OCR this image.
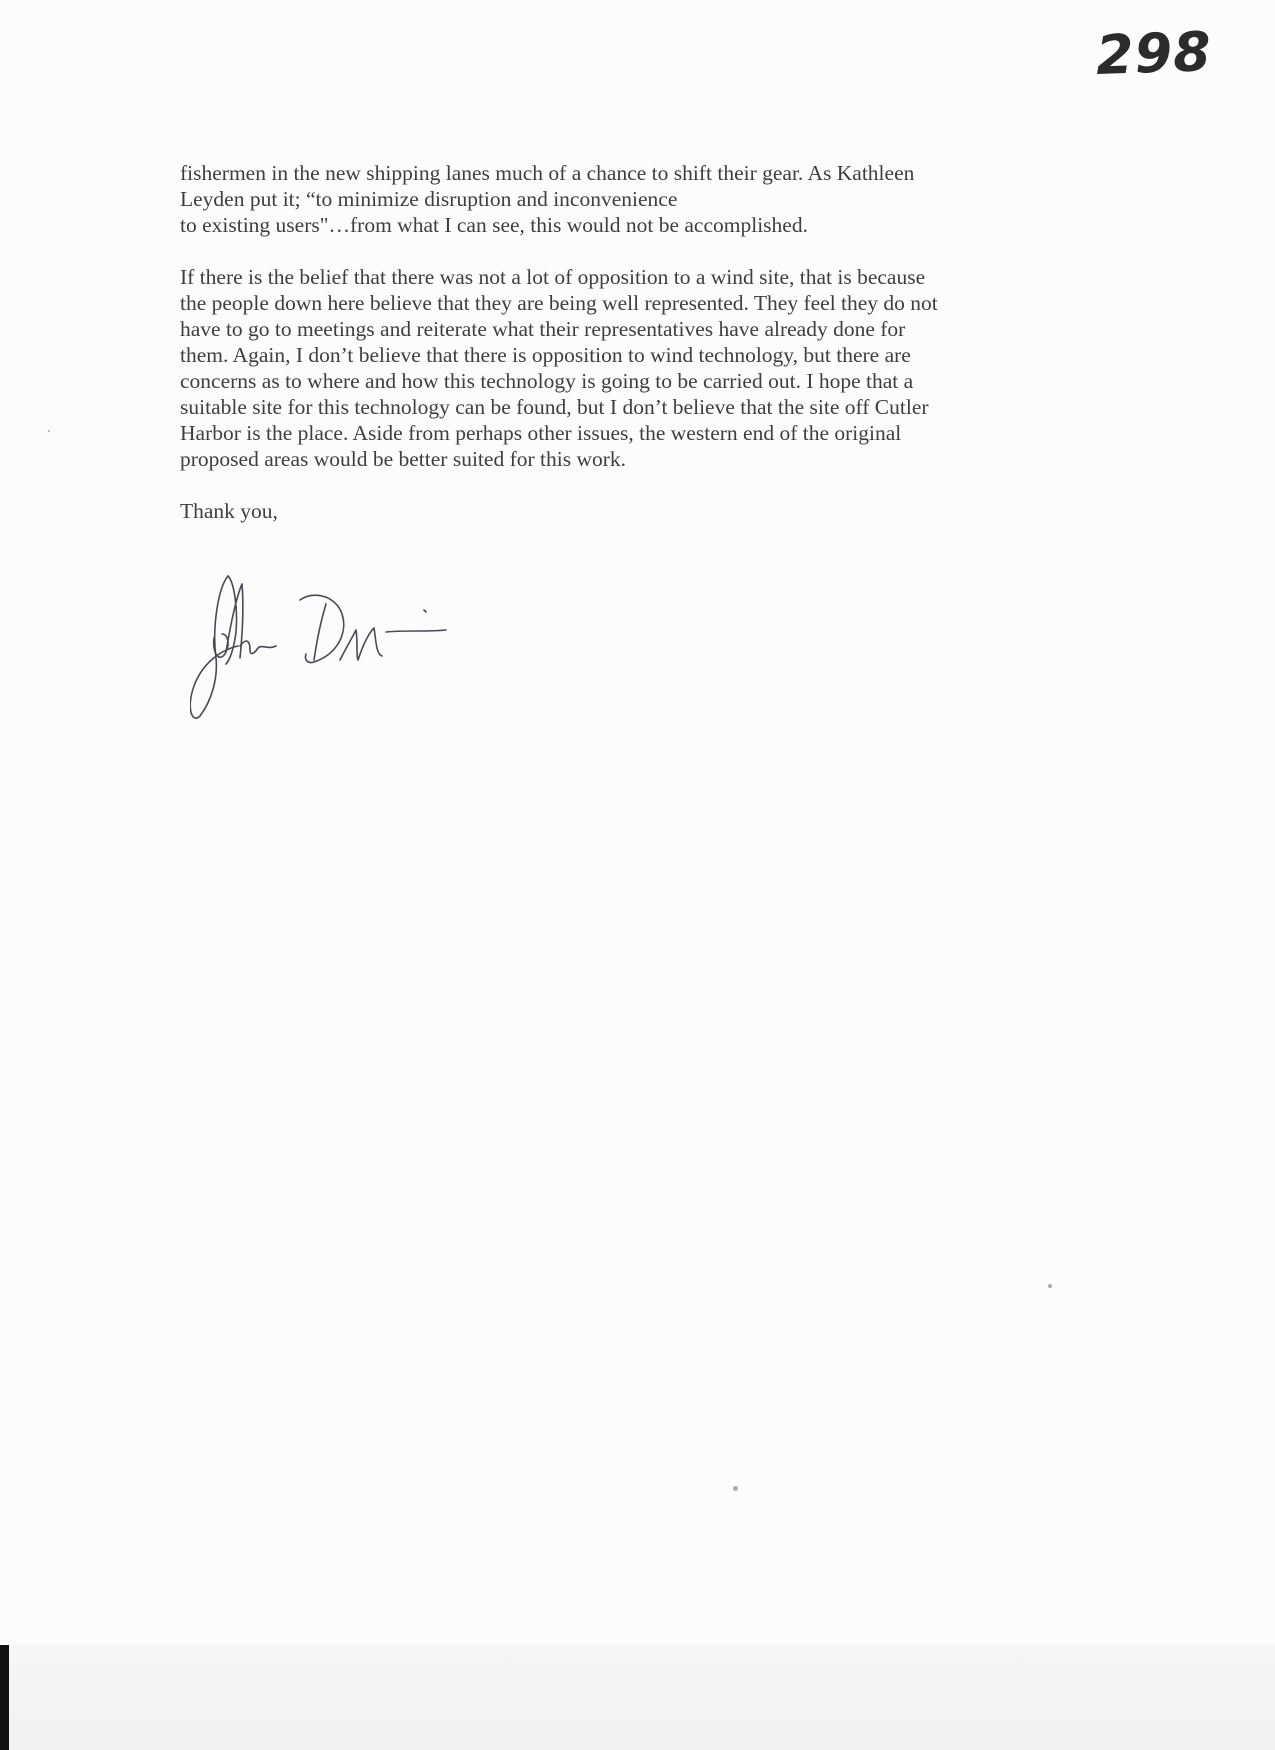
298
fishermen in the new shipping lanes much of a chance to shift their gear. As Kathleen
Leyden put it; “to minimize disruption and inconvenience
to existing users"…from what I can see, this would not be accomplished.
If there is the belief that there was not a lot of opposition to a wind site, that is because
the people down here believe that they are being well represented. They feel they do not
have to go to meetings and reiterate what their representatives have already done for
them. Again, I don’t believe that there is opposition to wind technology, but there are
concerns as to where and how this technology is going to be carried out. I hope that a
suitable site for this technology can be found, but I don’t believe that the site off Cutler
Harbor is the place. Aside from perhaps other issues, the western end of the original
proposed areas would be better suited for this work.
Thank you,
